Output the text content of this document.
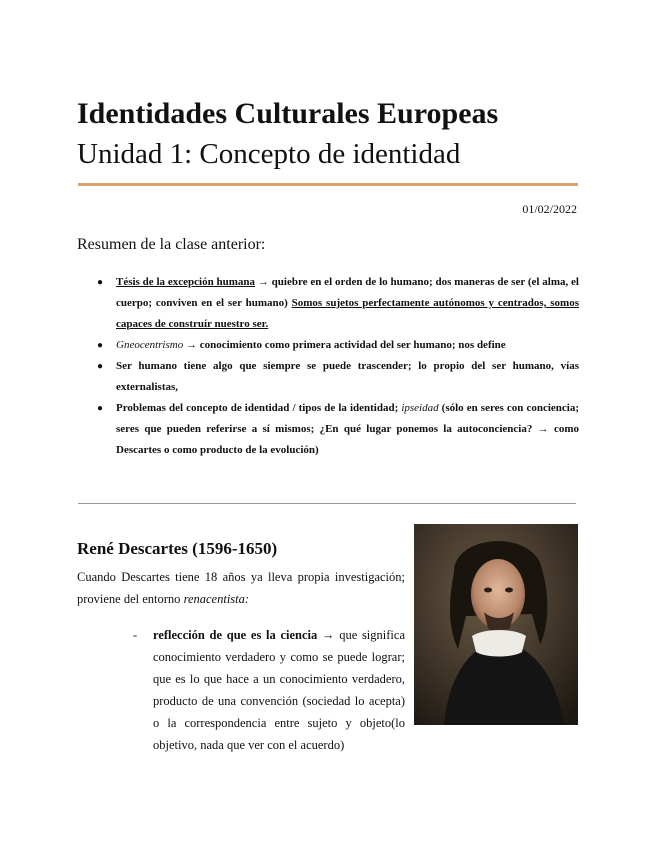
Identidades Culturales Europeas
Unidad 1: Concepto de identidad
01/02/2022
Resumen de la clase anterior:
● Tésis de la excepción humana → quiebre en el orden de lo humano; dos maneras de ser (el alma, el cuerpo; conviven en el ser humano) Somos sujetos perfectamente autónomos y centrados, somos capaces de construír nuestro ser.
● Gneocentrismo → conocimiento como primera actividad del ser humano; nos define
● Ser humano tiene algo que siempre se puede trascender; lo propio del ser humano, vías externalistas,
● Problemas del concepto de identidad / tipos de la identidad; ipseidad (sólo en seres con conciencia; seres que pueden referirse a sí mismos; ¿En qué lugar ponemos la autoconciencia? → como Descartes o como producto de la evolución)
René Descartes (1596-1650)
Cuando Descartes tiene 18 años ya lleva propia investigación; proviene del entorno renacentista:
- reflección de que es la ciencia → que significa conocimiento verdadero y como se puede lograr; que es lo que hace a un conocimiento verdadero, producto de una convención (sociedad lo acepta) o la correspondencia entre sujeto y objeto(lo objetivo, nada que ver con el acuerdo)
